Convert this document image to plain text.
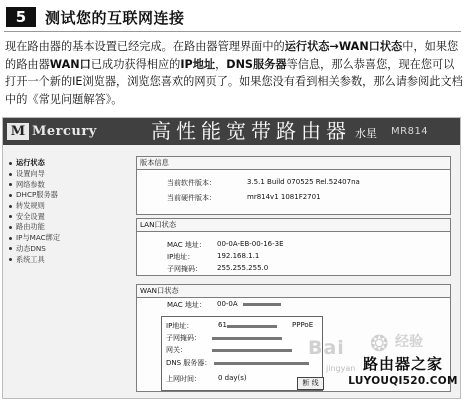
5	测试您的互联网连接
现在路由器的基本设置已经完成。在路由器管理界面中的运行状态→WAN口状态中，如果您的路由器WAN口已成功获得相应的IP地址，DNS服务器等信息，那么恭喜您，现在您可以打开一个新的IE浏览器，浏览您喜欢的网页了。如果您没有看到相关参数，那么请参阅此文档中的《常见问题解答》。
M Mercury	高性能宽带路由器 水星 MR814
运行状态
设置向导
网络参数
DHCP服务器
转发规则
安全设置
路由功能
IP与MAC绑定
动态DNS
系统工具
版本信息
当前软件版本：	3.5.1 Build 070525 Rel.52407na
当前硬件版本：	mr814v1 1081F2701
LAN口状态
MAC 地址： 00-0A-EB-00-16-3E
IP地址：	192.168.1.1
子网掩码： 255.255.255.0
WAN口状态
MAC 地址： 00-0A
IP地址：	61	PPPoE
子网掩码：
网关：
DNS 服务器：
上网时间： 0 day(s)
断 线
Bai ❂
jingyan 路由器之家
LUYOUQI520.COM
经验
